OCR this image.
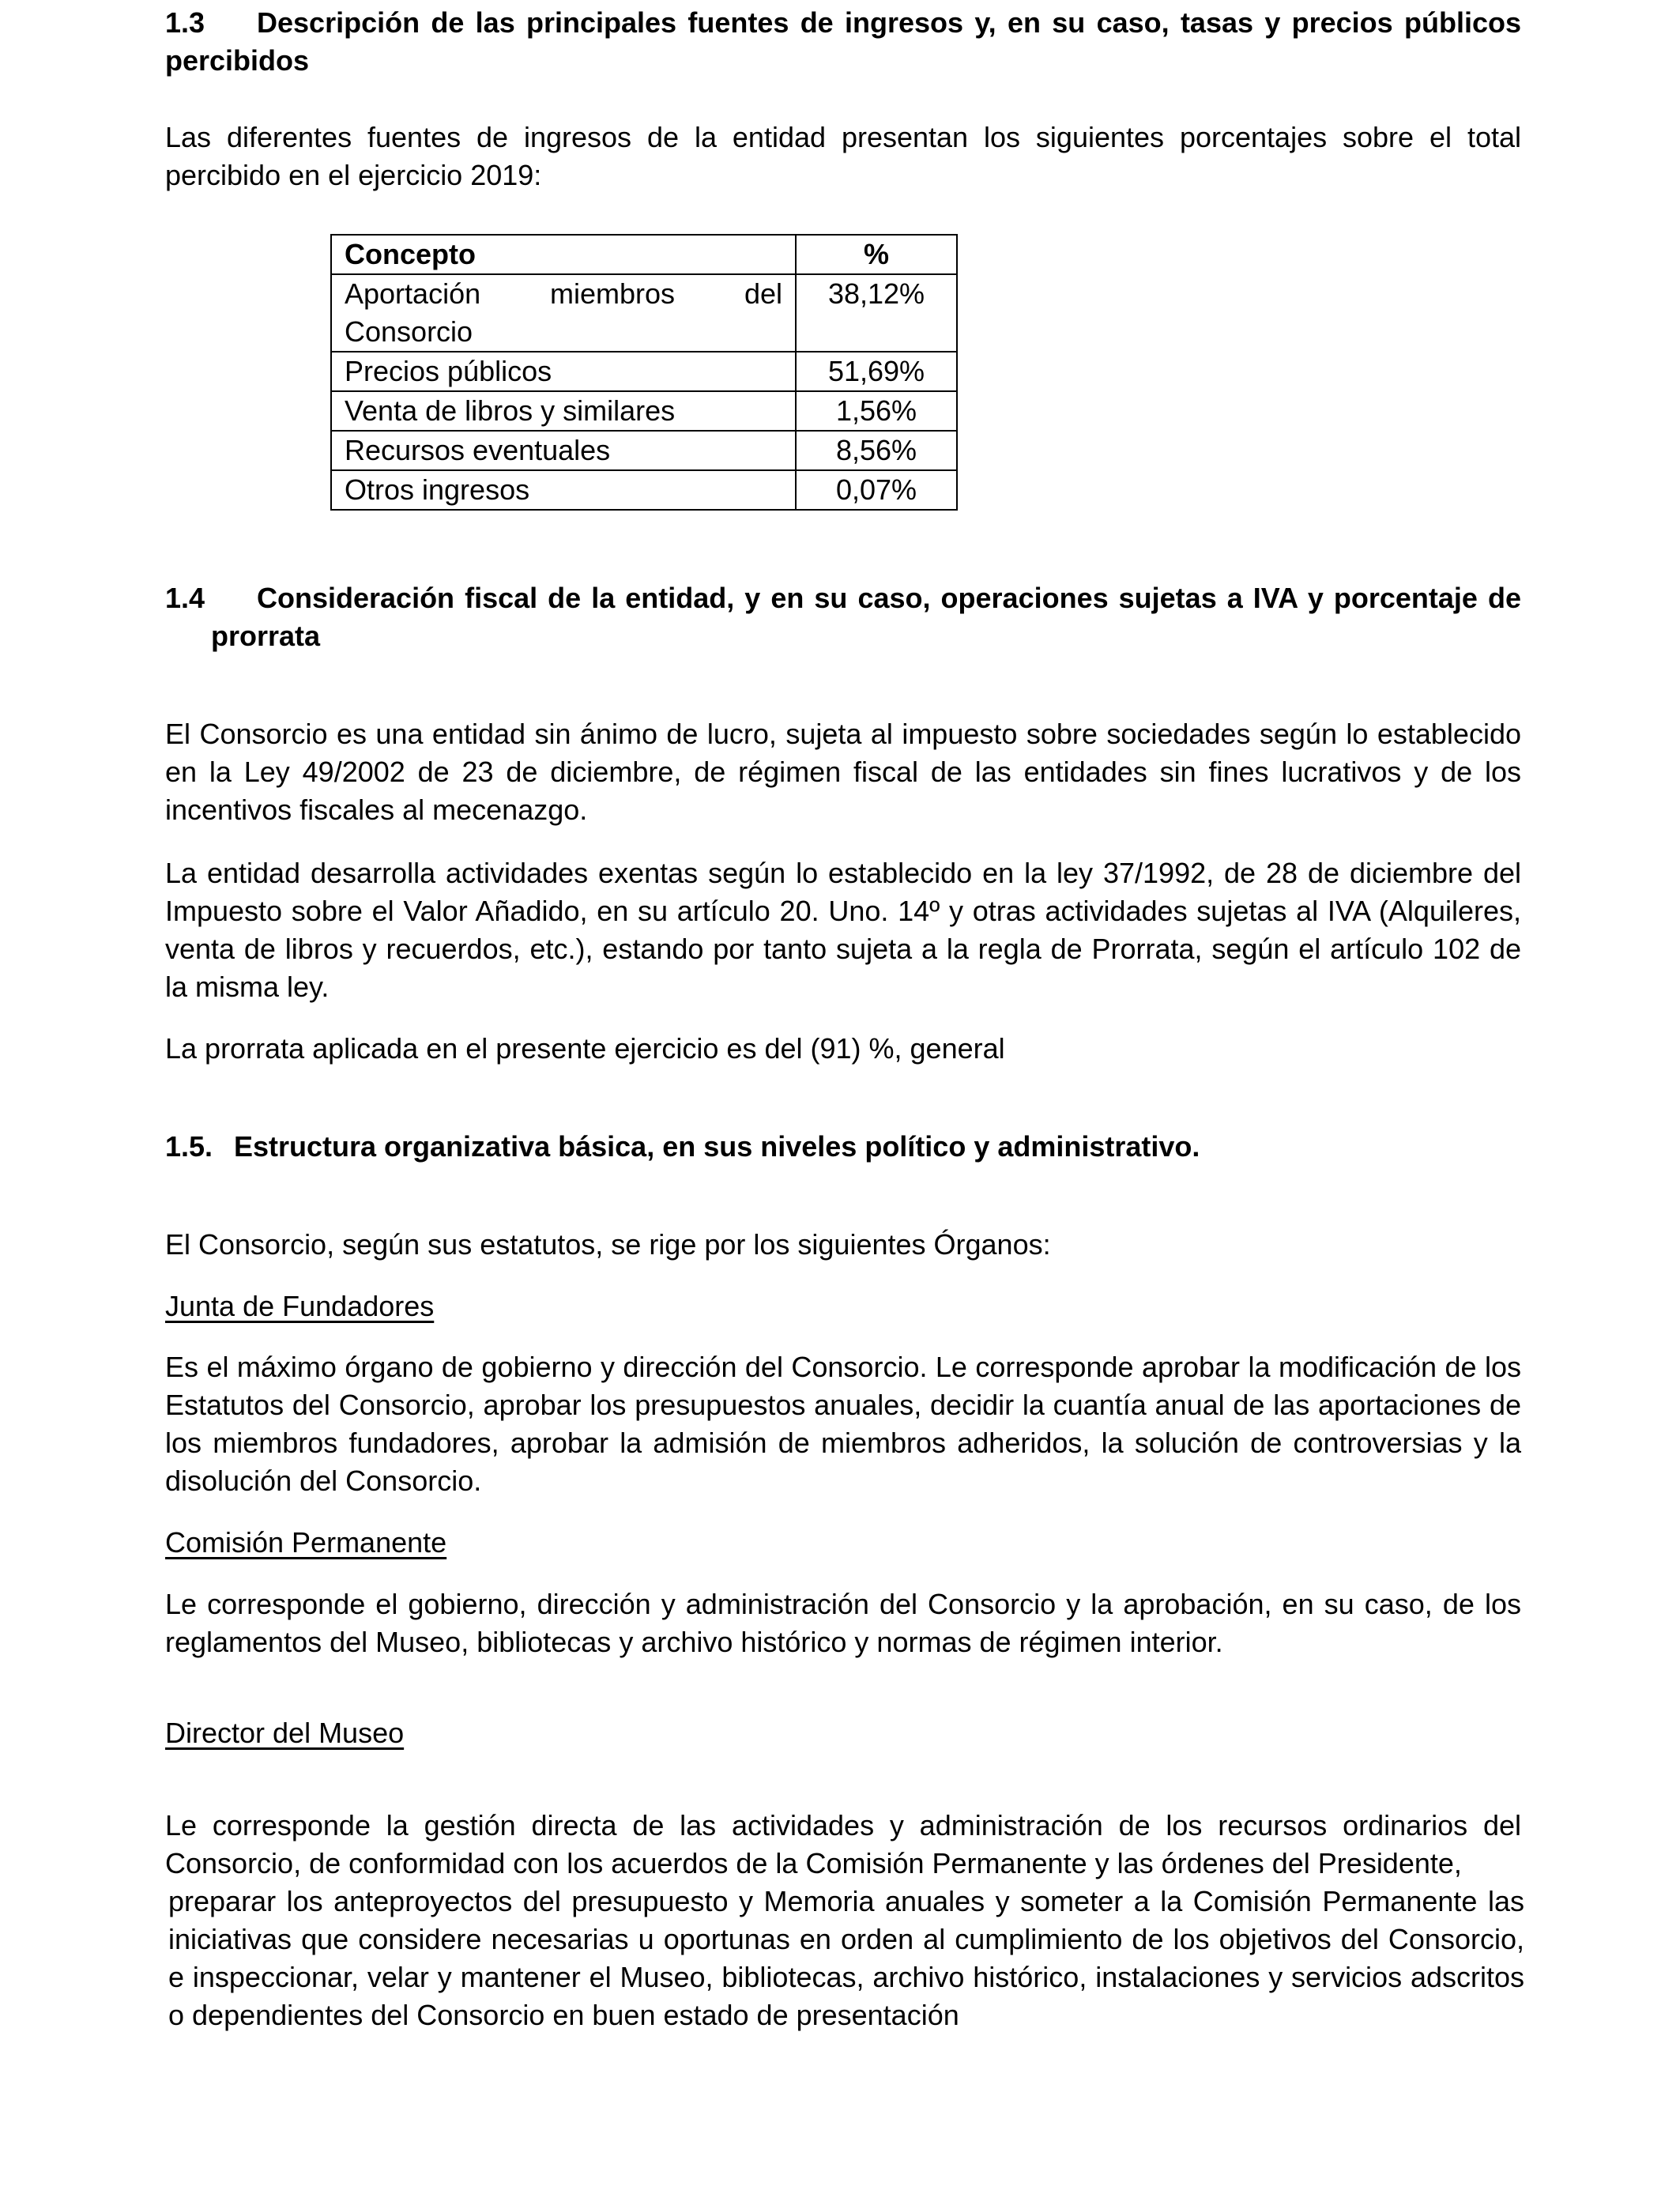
1.3	Descripción de las principales fuentes de ingresos y, en su caso, tasas y precios públicos
percibidos

Las diferentes fuentes de ingresos de la entidad presentan los siguientes porcentajes sobre el total percibido en el ejercicio 2019:

Concepto	%

Aportación miembros del
Consorcio	38,12%
Precios públicos	51,69%
Venta de libros y similares	1,56%
Recursos eventuales	8,56%
Otros ingresos	0,07%
1.4	Consideración fiscal de la entidad, y en su caso, operaciones sujetas a IVA y porcentaje de
prorrata

El Consorcio es una entidad sin ánimo de lucro, sujeta al impuesto sobre sociedades según lo establecido en la Ley 49/2002 de 23 de diciembre, de régimen fiscal de las entidades sin fines lucrativos y de los incentivos fiscales al mecenazgo.

La entidad desarrolla actividades exentas según lo establecido en la ley 37/1992, de 28 de diciembre del Impuesto sobre el Valor Añadido, en su artículo 20. Uno. 14º y otras actividades sujetas al IVA (Alquileres, venta de libros y recuerdos, etc.), estando por tanto sujeta a la regla de Prorrata, según el artículo 102 de la misma ley.

La prorrata aplicada en el presente ejercicio es del (91) %, general

1.5. Estructura organizativa básica, en sus niveles político y administrativo.

El Consorcio, según sus estatutos, se rige por los siguientes Órganos:

Junta de Fundadores

Es el máximo órgano de gobierno y dirección del Consorcio. Le corresponde aprobar la modificación de los Estatutos del Consorcio, aprobar los presupuestos anuales, decidir la cuantía anual de las aportaciones de los miembros fundadores, aprobar la admisión de miembros adheridos, la solución de controversias y la disolución del Consorcio.

Comisión Permanente

Le corresponde el gobierno, dirección y administración del Consorcio y la aprobación, en su caso, de los reglamentos del Museo, bibliotecas y archivo histórico y normas de régimen interior.

Director del Museo

Le corresponde la gestión directa de las actividades y administración de los recursos ordinarios del Consorcio, de conformidad con los acuerdos de la Comisión Permanente y las órdenes del Presidente,

preparar los anteproyectos del presupuesto y Memoria anuales y someter a la Comisión Permanente las iniciativas que considere necesarias u oportunas en orden al cumplimiento de los objetivos del Consorcio, e inspeccionar, velar y mantener el Museo, bibliotecas, archivo histórico, instalaciones y servicios adscritos o dependientes del Consorcio en buen estado de presentación
